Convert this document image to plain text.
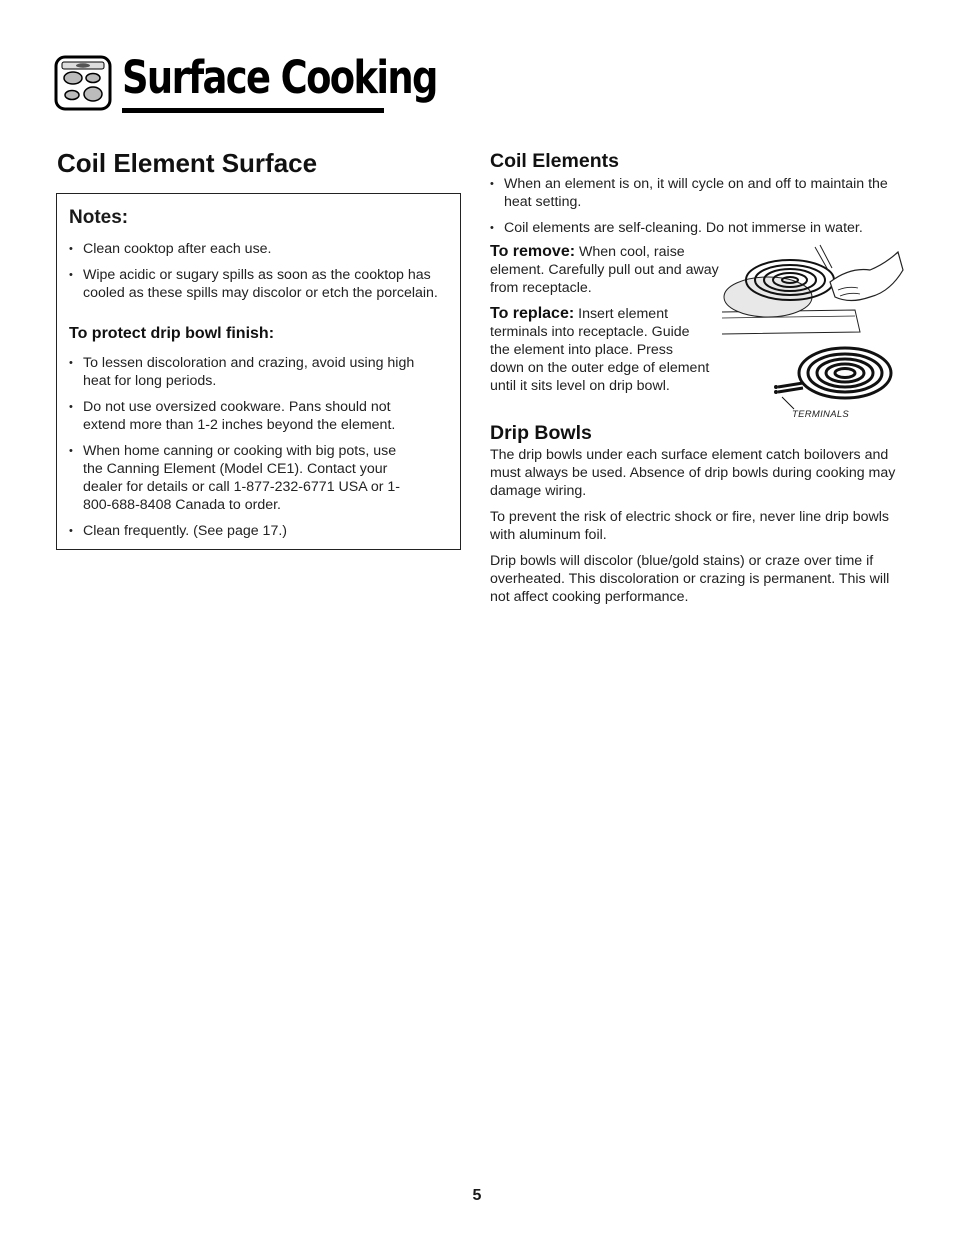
Surface Cooking
Coil Element Surface
Notes:
• Clean cooktop after each use.
• Wipe acidic or sugary spills as soon as the cooktop has cooled as these spills may discolor or etch the porcelain.
To protect drip bowl finish:
• To lessen discoloration and crazing, avoid using high heat for long periods.
• Do not use oversized cookware. Pans should not extend more than 1-2 inches beyond the element.
• When home canning or cooking with big pots, use the Canning Element (Model CE1). Contact your dealer for details or call 1-877-232-6771 USA or 1-800-688-8408 Canada to order.
• Clean frequently. (See page 17.)
Coil Elements
• When an element is on, it will cycle on and off to maintain the heat setting.
• Coil elements are self-cleaning. Do not immerse in water.
To remove: When cool, raise element. Carefully pull out and away from receptacle.
To replace: Insert element terminals into receptacle. Guide the element into place. Press down on the outer edge of element until it sits level on drip bowl.
TERMINALS
Drip Bowls
The drip bowls under each surface element catch boilovers and must always be used. Absence of drip bowls during cooking may damage wiring.
To prevent the risk of electric shock or fire, never line drip bowls with aluminum foil.
Drip bowls will discolor (blue/gold stains) or craze over time if overheated. This discoloration or crazing is permanent. This will not affect cooking performance.
5
